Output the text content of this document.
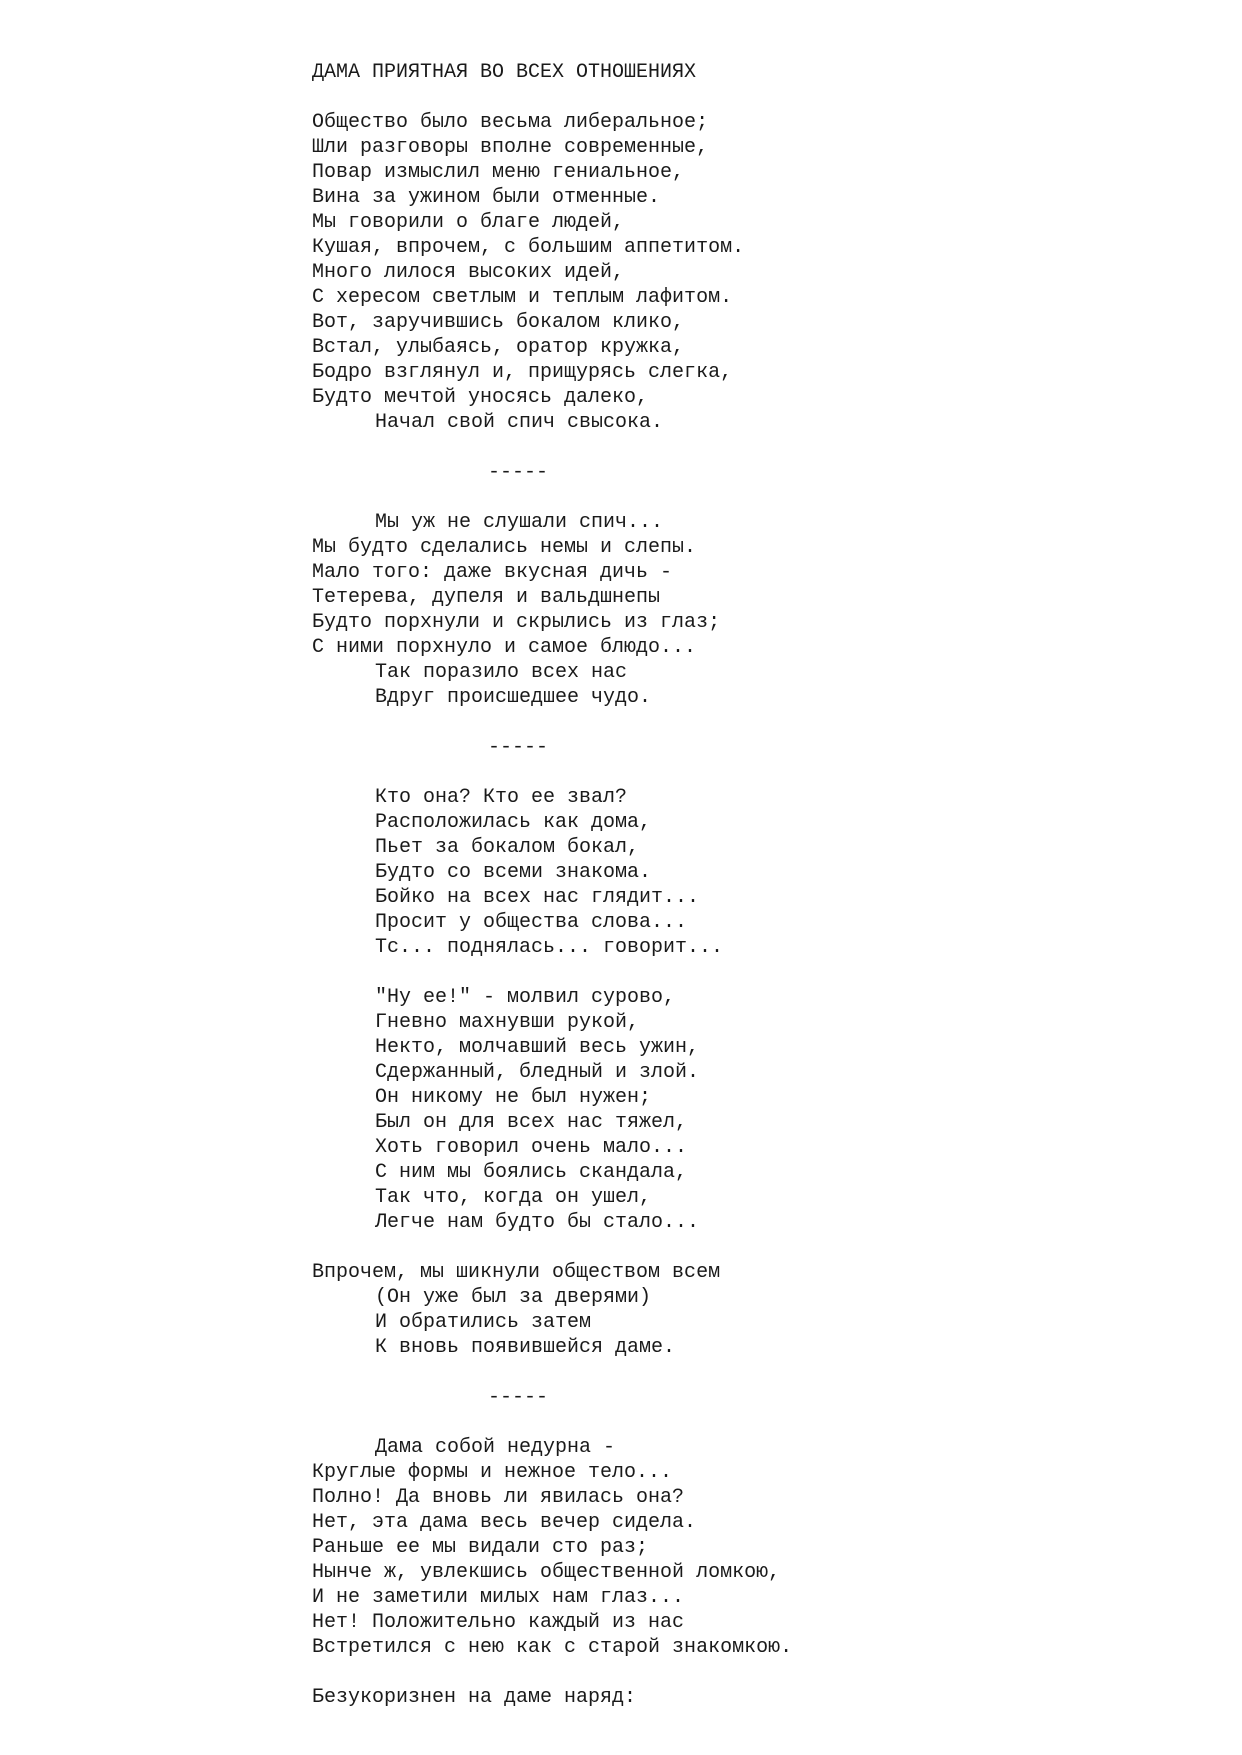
ДАМА ПРИЯТНАЯ ВО ВСЕХ ОТНОШЕНИЯХ
Общество было весьма либеральное;
Шли разговоры вполне современные,
Повар измыслил меню гениальное,
Вина за ужином были отменные.
Мы говорили о благе людей,
Кушая, впрочем, с большим аппетитом.
Много лилося высоких идей,
С хересом светлым и теплым лафитом.
Вот, заручившись бокалом клико,
Встал, улыбаясь, оратор кружка,
Бодро взглянул и, прищурясь слегка,
Будто мечтой уносясь далеко,
Начал свой спич свысока.
-----
Мы уж не слушали спич...
Мы будто сделались немы и слепы.
Мало того: даже вкусная дичь -
Тетерева, дупеля и вальдшнепы
Будто порхнули и скрылись из глаз;
С ними порхнуло и самое блюдо...
Так поразило всех нас
Вдруг происшедшее чудо.
-----
Кто она? Кто ее звал?
Расположилась как дома,
Пьет за бокалом бокал,
Будто со всеми знакома.
Бойко на всех нас глядит...
Просит у общества слова...
Тс... поднялась... говорит...
"Ну ее!" - молвил сурово,
Гневно махнувши рукой,
Некто, молчавший весь ужин,
Сдержанный, бледный и злой.
Он никому не был нужен;
Был он для всех нас тяжел,
Хоть говорил очень мало...
С ним мы боялись скандала,
Так что, когда он ушел,
Легче нам будто бы стало...
Впрочем, мы шикнули обществом всем
(Он уже был за дверями)
И обратились затем
К вновь появившейся даме.
-----
Дама собой недурна -
Круглые формы и нежное тело...
Полно! Да вновь ли явилась она?
Нет, эта дама весь вечер сидела.
Раньше ее мы видали сто раз;
Нынче ж, увлекшись общественной ломкою,
И не заметили милых нам глаз...
Нет! Положительно каждый из нас
Встретился с нею как с старой знакомкою.
Безукоризнен на даме наряд:
